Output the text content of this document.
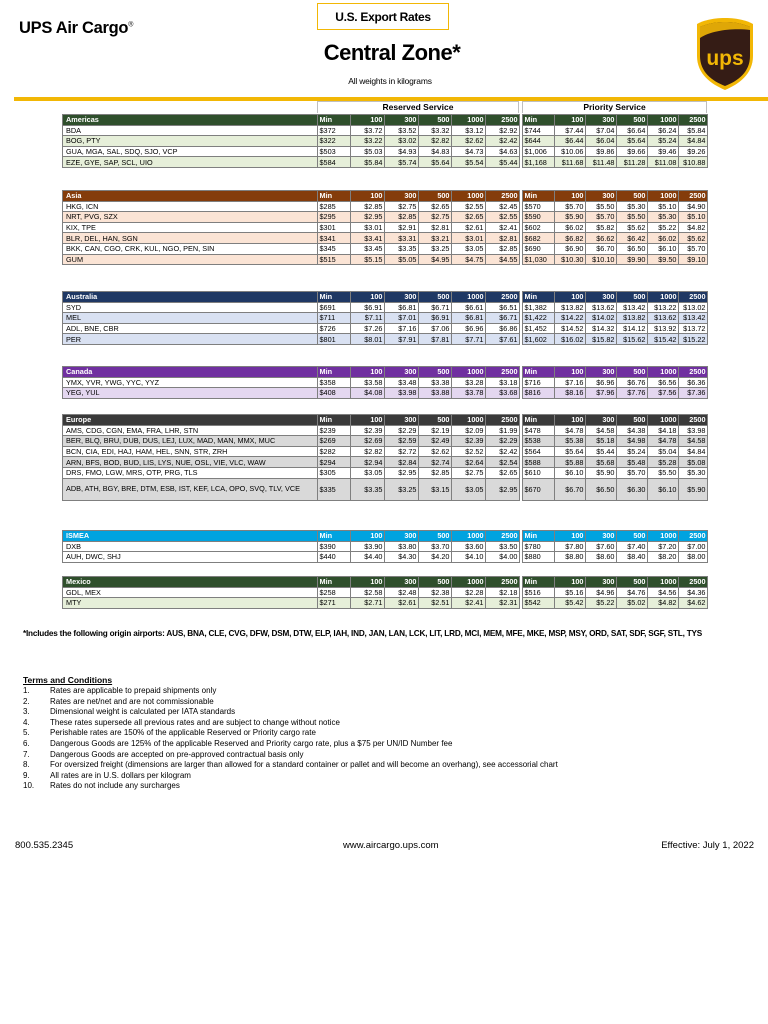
UPS Air Cargo®
U.S. Export Rates
Central Zone*
All weights in kilograms
ups
Reserved Service	Priority Service
Americas	Min	100	300	500	1000	2500		Min	100	300	500	1000	2500
BDA	$372	$3.72	$3.52	$3.32	$3.12	$2.92		$744	$7.44	$7.04	$6.64	$6.24	$5.84
BOG, PTY	$322	$3.22	$3.02	$2.82	$2.62	$2.42		$644	$6.44	$6.04	$5.64	$5.24	$4.84
GUA, MGA, SAL, SDQ, SJO, VCP	$503	$5.03	$4.93	$4.83	$4.73	$4.63		$1,006	$10.06	$9.86	$9.66	$9.46	$9.26
EZE, GYE, SAP, SCL, UIO	$584	$5.84	$5.74	$5.64	$5.54	$5.44		$1,168	$11.68	$11.48	$11.28	$11.08	$10.88
Asia	Min	100	300	500	1000	2500		Min	100	300	500	1000	2500
HKG, ICN	$285	$2.85	$2.75	$2.65	$2.55	$2.45		$570	$5.70	$5.50	$5.30	$5.10	$4.90
NRT, PVG, SZX	$295	$2.95	$2.85	$2.75	$2.65	$2.55		$590	$5.90	$5.70	$5.50	$5.30	$5.10
KIX, TPE	$301	$3.01	$2.91	$2.81	$2.61	$2.41		$602	$6.02	$5.82	$5.62	$5.22	$4.82
BLR, DEL, HAN, SGN	$341	$3.41	$3.31	$3.21	$3.01	$2.81		$682	$6.82	$6.62	$6.42	$6.02	$5.62
BKK, CAN, CGO, CRK, KUL, NGO, PEN, SIN	$345	$3.45	$3.35	$3.25	$3.05	$2.85		$690	$6.90	$6.70	$6.50	$6.10	$5.70
GUM	$515	$5.15	$5.05	$4.95	$4.75	$4.55		$1,030	$10.30	$10.10	$9.90	$9.50	$9.10
Australia	Min	100	300	500	1000	2500		Min	100	300	500	1000	2500
SYD	$691	$6.91	$6.81	$6.71	$6.61	$6.51		$1,382	$13.82	$13.62	$13.42	$13.22	$13.02
MEL	$711	$7.11	$7.01	$6.91	$6.81	$6.71		$1,422	$14.22	$14.02	$13.82	$13.62	$13.42
ADL, BNE, CBR	$726	$7.26	$7.16	$7.06	$6.96	$6.86		$1,452	$14.52	$14.32	$14.12	$13.92	$13.72
PER	$801	$8.01	$7.91	$7.81	$7.71	$7.61		$1,602	$16.02	$15.82	$15.62	$15.42	$15.22
Canada	Min	100	300	500	1000	2500		Min	100	300	500	1000	2500
YMX, YVR, YWG, YYC, YYZ	$358	$3.58	$3.48	$3.38	$3.28	$3.18		$716	$7.16	$6.96	$6.76	$6.56	$6.36
YEG, YUL	$408	$4.08	$3.98	$3.88	$3.78	$3.68		$816	$8.16	$7.96	$7.76	$7.56	$7.36
Europe	Min	100	300	500	1000	2500		Min	100	300	500	1000	2500
AMS, CDG, CGN, EMA, FRA, LHR, STN	$239	$2.39	$2.29	$2.19	$2.09	$1.99		$478	$4.78	$4.58	$4.38	$4.18	$3.98
BER, BLQ, BRU, DUB, DUS, LEJ, LUX, MAD, MAN, MMX, MUC	$269	$2.69	$2.59	$2.49	$2.39	$2.29		$538	$5.38	$5.18	$4.98	$4.78	$4.58
BCN, CIA, EDI, HAJ, HAM, HEL, SNN, STR, ZRH	$282	$2.82	$2.72	$2.62	$2.52	$2.42		$564	$5.64	$5.44	$5.24	$5.04	$4.84
ARN, BFS, BOD, BUD, LIS, LYS, NUE, OSL, VIE, VLC, WAW	$294	$2.94	$2.84	$2.74	$2.64	$2.54		$588	$5.88	$5.68	$5.48	$5.28	$5.08
DRS, FMO, LGW, MRS, OTP, PRG, TLS	$305	$3.05	$2.95	$2.85	$2.75	$2.65		$610	$6.10	$5.90	$5.70	$5.50	$5.30
ADB, ATH, BGY, BRE, DTM, ESB, IST, KEF, LCA, OPO, SVQ, TLV, VCE	$335	$3.35	$3.25	$3.15	$3.05	$2.95		$670	$6.70	$6.50	$6.30	$6.10	$5.90
ISMEA	Min	100	300	500	1000	2500		Min	100	300	500	1000	2500
DXB	$390	$3.90	$3.80	$3.70	$3.60	$3.50		$780	$7.80	$7.60	$7.40	$7.20	$7.00
AUH, DWC, SHJ	$440	$4.40	$4.30	$4.20	$4.10	$4.00		$880	$8.80	$8.60	$8.40	$8.20	$8.00
Mexico	Min	100	300	500	1000	2500		Min	100	300	500	1000	2500
GDL, MEX	$258	$2.58	$2.48	$2.38	$2.28	$2.18		$516	$5.16	$4.96	$4.76	$4.56	$4.36
MTY	$271	$2.71	$2.61	$2.51	$2.41	$2.31		$542	$5.42	$5.22	$5.02	$4.82	$4.62
*Includes the following origin airports: AUS, BNA, CLE, CVG, DFW, DSM, DTW, ELP, IAH, IND, JAN, LAN, LCK, LIT, LRD, MCI, MEM, MFE, MKE, MSP, MSY, ORD, SAT, SDF, SGF, STL, TYS
Terms and Conditions
1.	Rates are applicable to prepaid shipments only
2.	Rates are net/net and are not commissionable
3.	Dimensional weight is calculated per IATA standards
4.	These rates supersede all previous rates and are subject to change without notice
5.	Perishable rates are 150% of the applicable Reserved or Priority cargo rate
6.	Dangerous Goods are 125% of the applicable Reserved and Priority cargo rate, plus a $75 per UN/ID Number fee
7.	Dangerous Goods are accepted on pre-approved contractual basis only
8.	For oversized freight (dimensions are larger than allowed for a standard container or pallet and will become an overhang), see accessorial chart
9.	All rates are in U.S. dollars per kilogram
10.	Rates do not include any surcharges
800.535.2345	www.aircargo.ups.com	Effective: July 1, 2022
